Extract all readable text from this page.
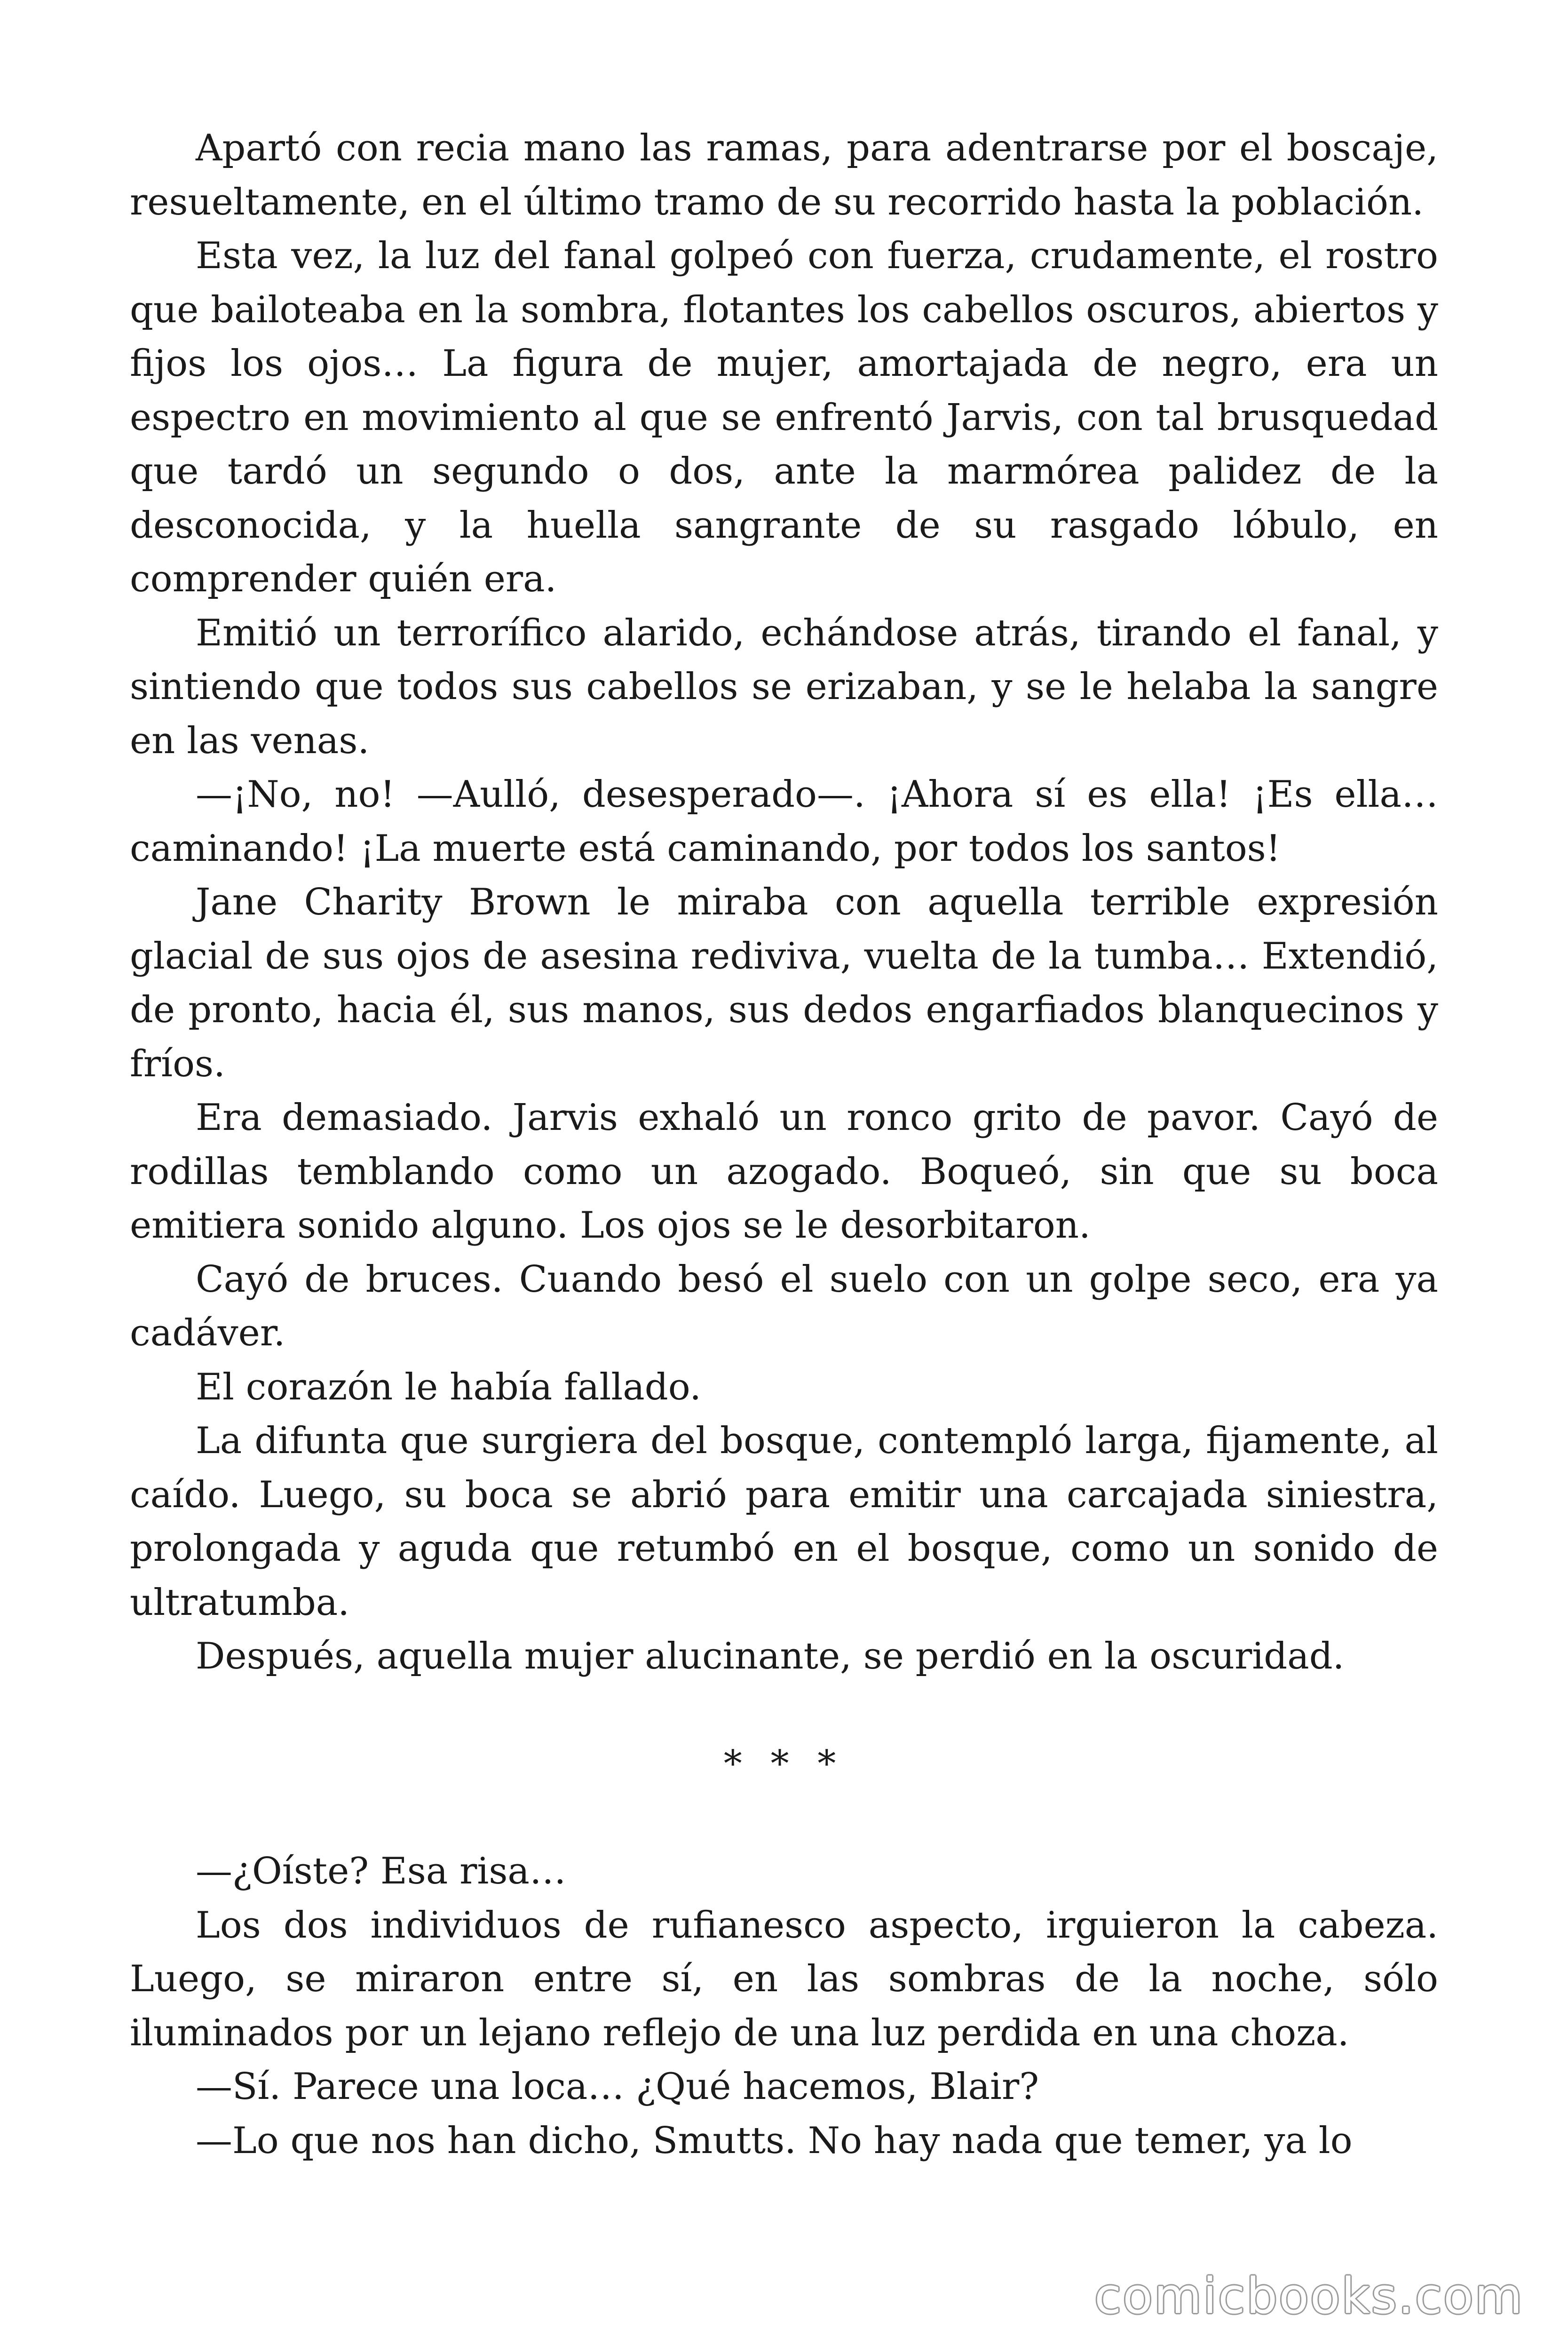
Apartó con recia mano las ramas, para adentrarse por el boscaje, resueltamente, en el último tramo de su recorrido hasta la población.

Esta vez, la luz del fanal golpeó con fuerza, crudamente, el rostro que bailoteaba en la sombra, flotantes los cabellos oscuros, abiertos y fijos los ojos… La figura de mujer, amortajada de negro, era un espectro en movimiento al que se enfrentó Jarvis, con tal brusquedad que tardó un segundo o dos, ante la marmórea palidez de la desconocida, y la huella sangrante de su rasgado lóbulo, en comprender quién era.

Emitió un terrorífico alarido, echándose atrás, tirando el fanal, y sintiendo que todos sus cabellos se erizaban, y se le helaba la sangre en las venas.

—¡No, no! —Aulló, desesperado—. ¡Ahora sí es ella! ¡Es ella… caminando! ¡La muerte está caminando, por todos los santos!

Jane Charity Brown le miraba con aquella terrible expresión glacial de sus ojos de asesina rediviva, vuelta de la tumba… Extendió, de pronto, hacia él, sus manos, sus dedos engarfiados blanquecinos y fríos.

Era demasiado. Jarvis exhaló un ronco grito de pavor. Cayó de rodillas temblando como un azogado. Boqueó, sin que su boca emitiera sonido alguno. Los ojos se le desorbitaron.

Cayó de bruces. Cuando besó el suelo con un golpe seco, era ya cadáver.

El corazón le había fallado.

La difunta que surgiera del bosque, contempló larga, fijamente, al caído. Luego, su boca se abrió para emitir una carcajada siniestra, prolongada y aguda que retumbó en el bosque, como un sonido de ultratumba.

Después, aquella mujer alucinante, se perdió en la oscuridad.

* * *

—¿Oíste? Esa risa…

Los dos individuos de rufianesco aspecto, irguieron la cabeza. Luego, se miraron entre sí, en las sombras de la noche, sólo iluminados por un lejano reflejo de una luz perdida en una choza.

—Sí. Parece una loca… ¿Qué hacemos, Blair?

—Lo que nos han dicho, Smutts. No hay nada que temer, ya lo

comicbooks.com
